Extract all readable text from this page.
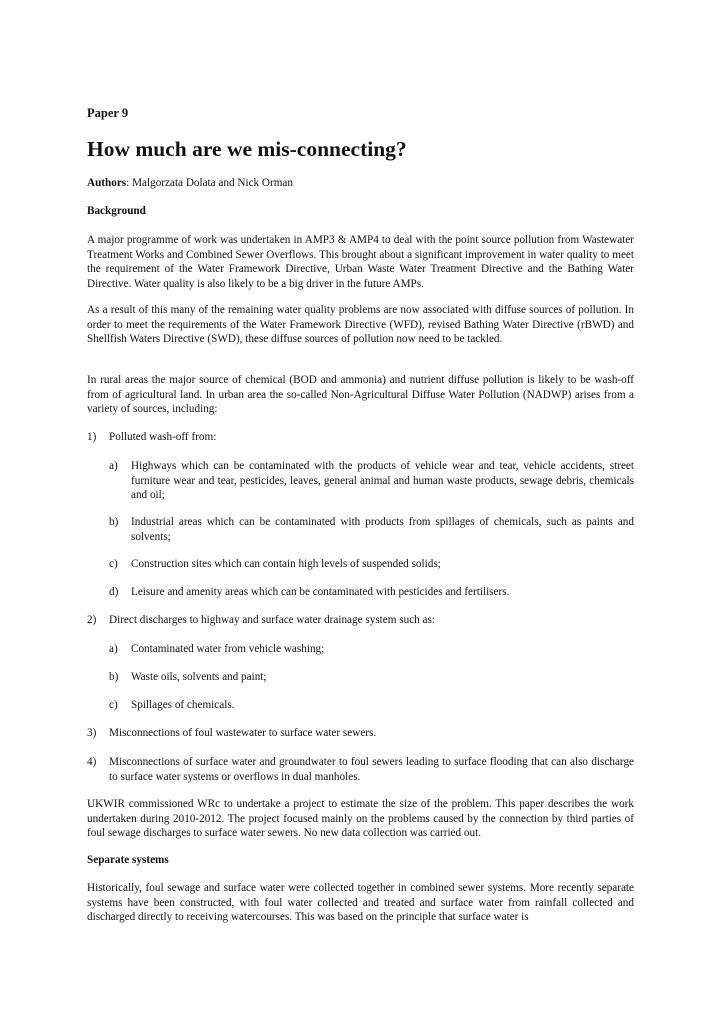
Paper 9

How much are we mis-connecting?

Authors: Malgorzata Dolata and Nick Orman

Background

A major programme of work was undertaken in AMP3 & AMP4 to deal with the point source pollution from Wastewater Treatment Works and Combined Sewer Overflows. This brought about a significant improvement in water quality to meet the requirement of the Water Framework Directive, Urban Waste Water Treatment Directive and the Bathing Water Directive. Water quality is also likely to be a big driver in the future AMPs.

As a result of this many of the remaining water quality problems are now associated with diffuse sources of pollution. In order to meet the requirements of the Water Framework Directive (WFD), revised Bathing Water Directive (rBWD) and Shellfish Waters Directive (SWD), these diffuse sources of pollution now need to be tackled.

In rural areas the major source of chemical (BOD and ammonia) and nutrient diffuse pollution is likely to be wash-off from of agricultural land. In urban area the so-called Non-Agricultural Diffuse Water Pollution (NADWP) arises from a variety of sources, including:

1) Polluted wash-off from:
a) Highways which can be contaminated with the products of vehicle wear and tear, vehicle accidents, street furniture wear and tear, pesticides, leaves, general animal and human waste products, sewage debris, chemicals and oil;
b) Industrial areas which can be contaminated with products from spillages of chemicals, such as paints and solvents;
c) Construction sites which can contain high levels of suspended solids;
d) Leisure and amenity areas which can be contaminated with pesticides and fertilisers.
2) Direct discharges to highway and surface water drainage system such as:
a) Contaminated water from vehicle washing;
b) Waste oils, solvents and paint;
c) Spillages of chemicals.
3) Misconnections of foul wastewater to surface water sewers.
4) Misconnections of surface water and groundwater to foul sewers leading to surface flooding that can also discharge to surface water systems or overflows in dual manholes.

UKWIR commissioned WRc to undertake a project to estimate the size of the problem. This paper describes the work undertaken during 2010-2012. The project focused mainly on the problems caused by the connection by third parties of foul sewage discharges to surface water sewers. No new data collection was carried out.

Separate systems

Historically, foul sewage and surface water were collected together in combined sewer systems. More recently separate systems have been constructed, with foul water collected and treated and surface water from rainfall collected and discharged directly to receiving watercourses. This was based on the principle that surface water is
